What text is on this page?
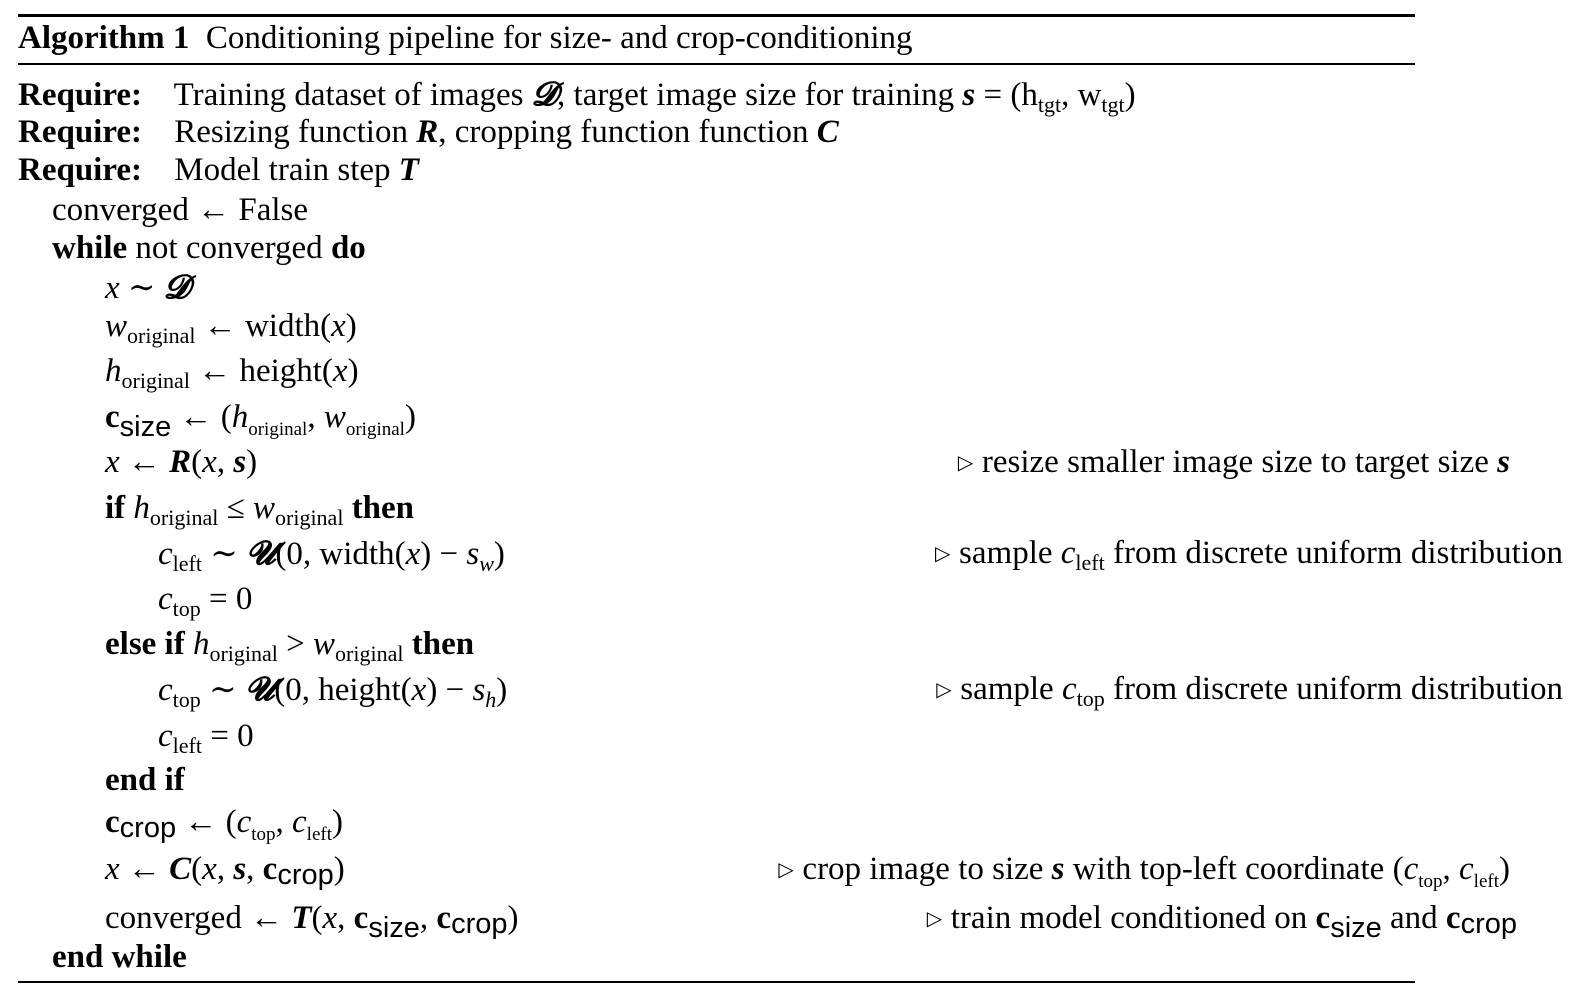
Algorithm 1 Conditioning pipeline for size- and crop-conditioning
Require: Training dataset of images 𝓓, target image size for training $s = (h_{tgt}$, $w_{tgt}$)
Require: Resizing function R, cropping function function C
Require: Model train step T
converged ← False
while not converged do
x ∼ 𝓓
$w_{original}$ ← width(x)
$h_{original}$ ← height(x)
$c_{size}$ ← ($h_{original}$, $w_{original}$)
x ← R(x, s)	▷ resize smaller image size to target size s
if $h_{original} \le w_{original}$ then
$c_{left}$ ∼ 𝓤(0, width(x) − $s_w$)	▷ sample $c_{left}$ from discrete uniform distribution
$c_{top} = 0$
else if $h_{original} > w_{original}$ then
$c_{top}$ ∼ 𝓤(0, height(x) − $s_h$)	▷ sample $c_{top}$ from discrete uniform distribution
$c_{left} = 0$
end if
$c_{crop}$ ← ($c_{top}$, $c_{left}$)
x ← C(x, s, $c_{crop}$)	▷ crop image to size s with top-left coordinate ($c_{top}$, $c_{left}$)
converged ← T(x, $c_{size}$, $c_{crop}$)	▷ train model conditioned on $c_{size}$ and $c_{crop}$
end while
